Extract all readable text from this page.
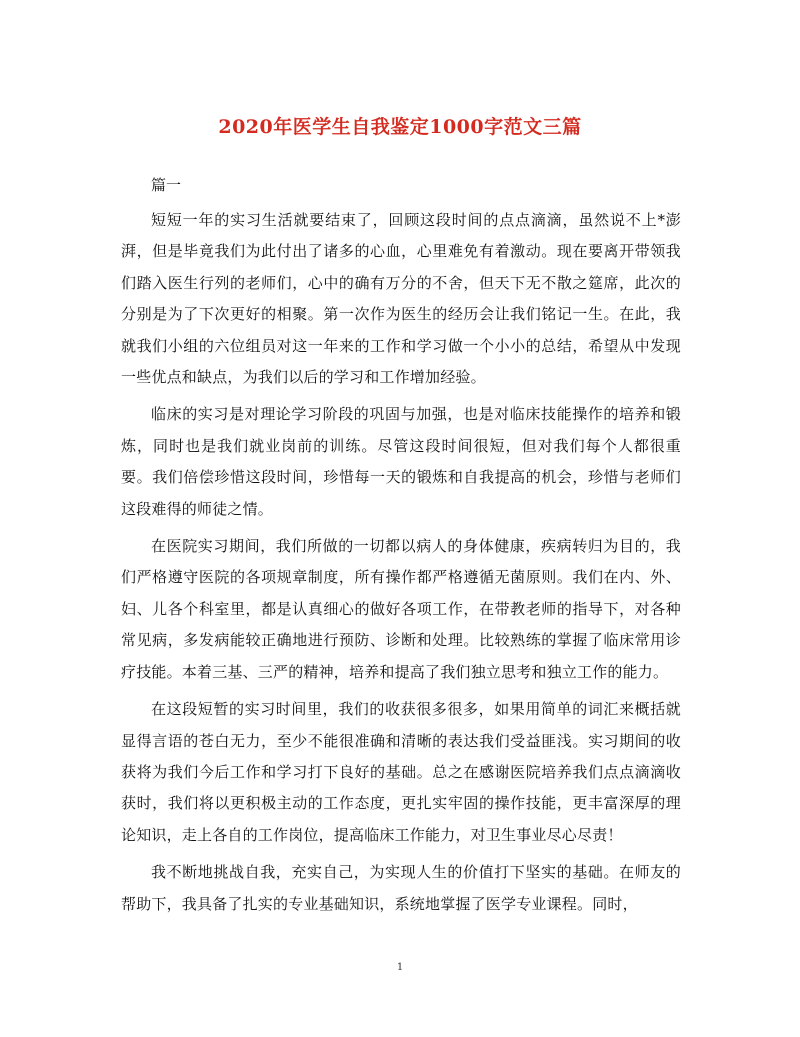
2020年医学生自我鉴定1000字范文三篇

篇一

短短一年的实习生活就要结束了，回顾这段时间的点点滴滴，虽然说不上*澎湃，但是毕竟我们为此付出了诸多的心血，心里难免有着激动。现在要离开带领我们踏入医生行列的老师们，心中的确有万分的不舍，但天下无不散之筵席，此次的分别是为了下次更好的相聚。第一次作为医生的经历会让我们铭记一生。在此，我就我们小组的六位组员对这一年来的工作和学习做一个小小的总结，希望从中发现一些优点和缺点，为我们以后的学习和工作增加经验。

临床的实习是对理论学习阶段的巩固与加强，也是对临床技能操作的培养和锻炼，同时也是我们就业岗前的训练。尽管这段时间很短，但对我们每个人都很重要。我们倍偿珍惜这段时间，珍惜每一天的锻炼和自我提高的机会，珍惜与老师们这段难得的师徒之情。

在医院实习期间，我们所做的一切都以病人的身体健康，疾病转归为目的，我们严格遵守医院的各项规章制度，所有操作都严格遵循无菌原则。我们在内、外、妇、儿各个科室里，都是认真细心的做好各项工作，在带教老师的指导下，对各种常见病，多发病能较正确地进行预防、诊断和处理。比较熟练的掌握了临床常用诊疗技能。本着三基、三严的精神，培养和提高了我们独立思考和独立工作的能力。

在这段短暂的实习时间里，我们的收获很多很多，如果用简单的词汇来概括就显得言语的苍白无力，至少不能很准确和清晰的表达我们受益匪浅。实习期间的收获将为我们今后工作和学习打下良好的基础。总之在感谢医院培养我们点点滴滴收获时，我们将以更积极主动的工作态度，更扎实牢固的操作技能，更丰富深厚的理论知识，走上各自的工作岗位，提高临床工作能力，对卫生事业尽心尽责！

我不断地挑战自我，充实自己，为实现人生的价值打下坚实的基础。在师友的帮助下，我具备了扎实的专业基础知识，系统地掌握了医学专业课程。同时，

1
